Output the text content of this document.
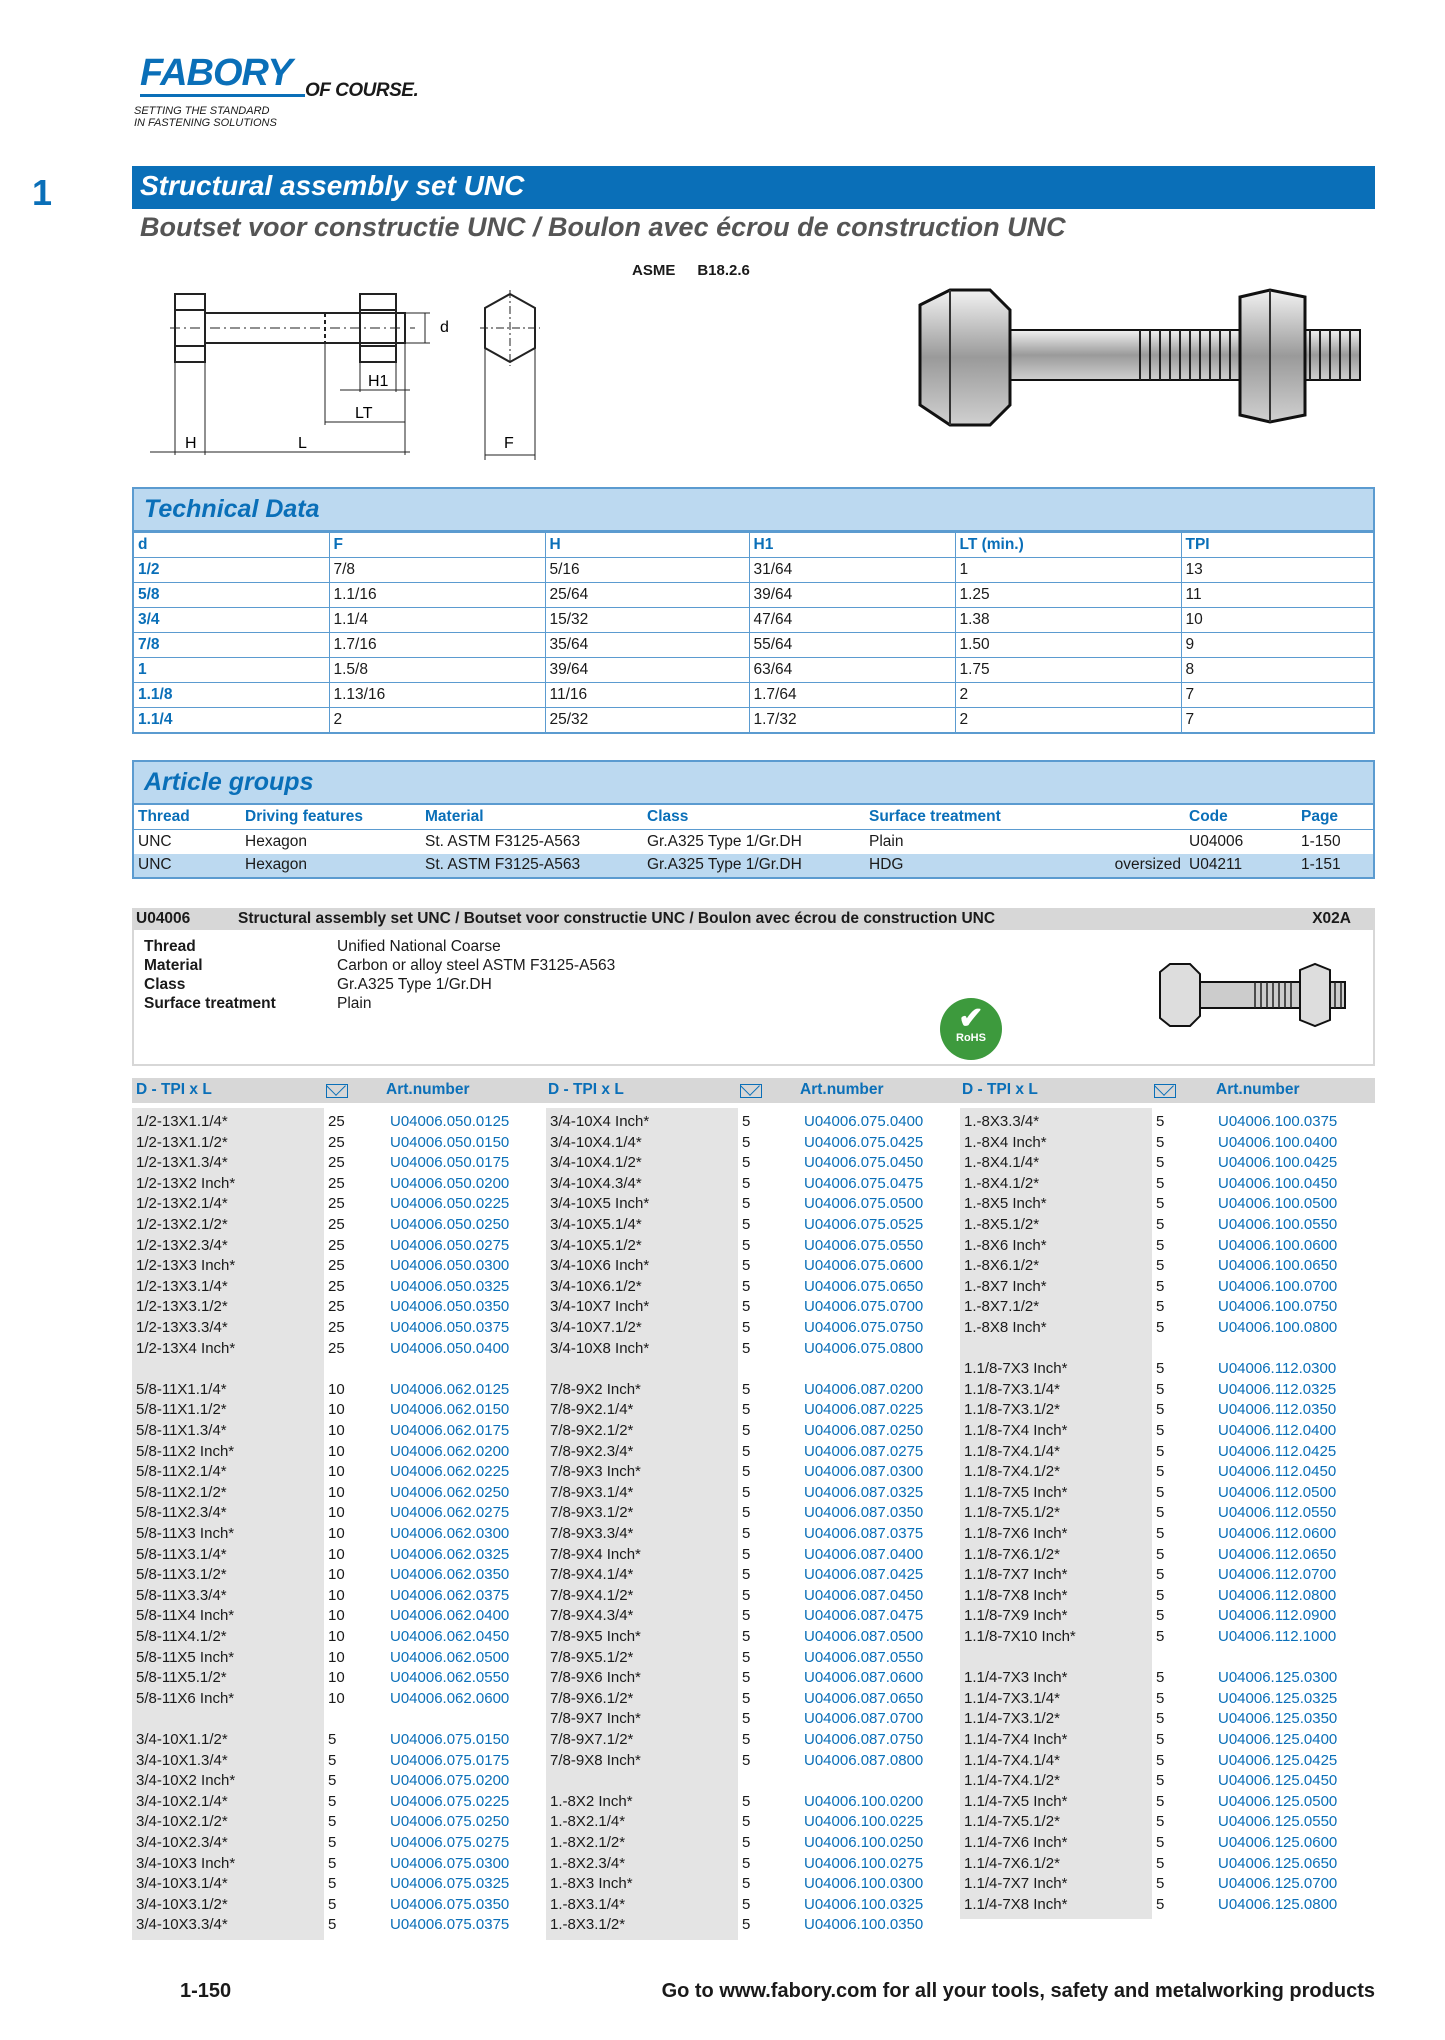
FABORY OF COURSE.
SETTING THE STANDARD
IN FASTENING SOLUTIONS
1	Structural assembly set UNC
Boutset voor constructie UNC / Boulon avec écrou de construction UNC
ASME B18.2.6
H	L
LT
H1
d
F
Technical Data
d	F	H	H1	LT (min.)	TPI
1/2	7/8	5/16	31/64	1	13
5/8	1.1/16	25/64	39/64	1.25	11
3/4	1.1/4	15/32	47/64	1.38	10
7/8	1.7/16	35/64	55/64	1.50	9
1	1.5/8	39/64	63/64	1.75	8
1.1/8	1.13/16	11/16	1.7/64	2	7
1.1/4	2	25/32	1.7/32	2	7
Article groups
Thread	Driving features	Material	Class	Surface treatment		Code	Page
UNC	Hexagon	St. ASTM F3125-A563	Gr.A325 Type 1/Gr.DH	Plain		U04006	1-150
UNC	Hexagon	St. ASTM F3125-A563	Gr.A325 Type 1/Gr.DH	HDG	oversized	U04211	1-151
U04006	Structural assembly set UNC / Boutset voor constructie UNC / Boulon avec écrou de construction UNC	X02A
Thread	Unified National Coarse
Material	Carbon or alloy steel ASTM F3125-A563
Class	Gr.A325 Type 1/Gr.DH
Surface treatment	Plain	✔
RoHS
D - TPI x L	Art.number	D - TPI x L	Art.number	D - TPI x L	Art.number
1/2-13X1.1/4*	25	U04006.050.0125
1/2-13X1.1/2*	25	U04006.050.0150
1/2-13X1.3/4*	25	U04006.050.0175
1/2-13X2 Inch*	25	U04006.050.0200
1/2-13X2.1/4*	25	U04006.050.0225
1/2-13X2.1/2*	25	U04006.050.0250
1/2-13X2.3/4*	25	U04006.050.0275
1/2-13X3 Inch*	25	U04006.050.0300
1/2-13X3.1/4*	25	U04006.050.0325
1/2-13X3.1/2*	25	U04006.050.0350
1/2-13X3.3/4*	25	U04006.050.0375
1/2-13X4 Inch*	25	U04006.050.0400
5/8-11X1.1/4*	10	U04006.062.0125
5/8-11X1.1/2*	10	U04006.062.0150
5/8-11X1.3/4*	10	U04006.062.0175
5/8-11X2 Inch*	10	U04006.062.0200
5/8-11X2.1/4*	10	U04006.062.0225
5/8-11X2.1/2*	10	U04006.062.0250
5/8-11X2.3/4*	10	U04006.062.0275
5/8-11X3 Inch*	10	U04006.062.0300
5/8-11X3.1/4*	10	U04006.062.0325
5/8-11X3.1/2*	10	U04006.062.0350
5/8-11X3.3/4*	10	U04006.062.0375
5/8-11X4 Inch*	10	U04006.062.0400
5/8-11X4.1/2*	10	U04006.062.0450
5/8-11X5 Inch*	10	U04006.062.0500
5/8-11X5.1/2*	10	U04006.062.0550
5/8-11X6 Inch*	10	U04006.062.0600
3/4-10X1.1/2*	5	U04006.075.0150
3/4-10X1.3/4*	5	U04006.075.0175
3/4-10X2 Inch*	5	U04006.075.0200
3/4-10X2.1/4*	5	U04006.075.0225
3/4-10X2.1/2*	5	U04006.075.0250
3/4-10X2.3/4*	5	U04006.075.0275
3/4-10X3 Inch*	5	U04006.075.0300
3/4-10X3.1/4*	5	U04006.075.0325
3/4-10X3.1/2*	5	U04006.075.0350
3/4-10X3.3/4*	5	U04006.075.0375
3/4-10X4 Inch*	5	U04006.075.0400
3/4-10X4.1/4*	5	U04006.075.0425
3/4-10X4.1/2*	5	U04006.075.0450
3/4-10X4.3/4*	5	U04006.075.0475
3/4-10X5 Inch*	5	U04006.075.0500
3/4-10X5.1/4*	5	U04006.075.0525
3/4-10X5.1/2*	5	U04006.075.0550
3/4-10X6 Inch*	5	U04006.075.0600
3/4-10X6.1/2*	5	U04006.075.0650
3/4-10X7 Inch*	5	U04006.075.0700
3/4-10X7.1/2*	5	U04006.075.0750
3/4-10X8 Inch*	5	U04006.075.0800
7/8-9X2 Inch*	5	U04006.087.0200
7/8-9X2.1/4*	5	U04006.087.0225
7/8-9X2.1/2*	5	U04006.087.0250
7/8-9X2.3/4*	5	U04006.087.0275
7/8-9X3 Inch*	5	U04006.087.0300
7/8-9X3.1/4*	5	U04006.087.0325
7/8-9X3.1/2*	5	U04006.087.0350
7/8-9X3.3/4*	5	U04006.087.0375
7/8-9X4 Inch*	5	U04006.087.0400
7/8-9X4.1/4*	5	U04006.087.0425
7/8-9X4.1/2*	5	U04006.087.0450
7/8-9X4.3/4*	5	U04006.087.0475
7/8-9X5 Inch*	5	U04006.087.0500
7/8-9X5.1/2*	5	U04006.087.0550
7/8-9X6 Inch*	5	U04006.087.0600
7/8-9X6.1/2*	5	U04006.087.0650
7/8-9X7 Inch*	5	U04006.087.0700
7/8-9X7.1/2*	5	U04006.087.0750
7/8-9X8 Inch*	5	U04006.087.0800
1.-8X2 Inch*	5	U04006.100.0200
1.-8X2.1/4*	5	U04006.100.0225
1.-8X2.1/2*	5	U04006.100.0250
1.-8X2.3/4*	5	U04006.100.0275
1.-8X3 Inch*	5	U04006.100.0300
1.-8X3.1/4*	5	U04006.100.0325
1.-8X3.1/2*	5	U04006.100.0350
1.-8X3.3/4*	5	U04006.100.0375
1.-8X4 Inch*	5	U04006.100.0400
1.-8X4.1/4*	5	U04006.100.0425
1.-8X4.1/2*	5	U04006.100.0450
1.-8X5 Inch*	5	U04006.100.0500
1.-8X5.1/2*	5	U04006.100.0550
1.-8X6 Inch*	5	U04006.100.0600
1.-8X6.1/2*	5	U04006.100.0650
1.-8X7 Inch*	5	U04006.100.0700
1.-8X7.1/2*	5	U04006.100.0750
1.-8X8 Inch*	5	U04006.100.0800
1.1/8-7X3 Inch*	5	U04006.112.0300
1.1/8-7X3.1/4*	5	U04006.112.0325
1.1/8-7X3.1/2*	5	U04006.112.0350
1.1/8-7X4 Inch*	5	U04006.112.0400
1.1/8-7X4.1/4*	5	U04006.112.0425
1.1/8-7X4.1/2*	5	U04006.112.0450
1.1/8-7X5 Inch*	5	U04006.112.0500
1.1/8-7X5.1/2*	5	U04006.112.0550
1.1/8-7X6 Inch*	5	U04006.112.0600
1.1/8-7X6.1/2*	5	U04006.112.0650
1.1/8-7X7 Inch*	5	U04006.112.0700
1.1/8-7X8 Inch*	5	U04006.112.0800
1.1/8-7X9 Inch*	5	U04006.112.0900
1.1/8-7X10 Inch*	5	U04006.112.1000
1.1/4-7X3 Inch*	5	U04006.125.0300
1.1/4-7X3.1/4*	5	U04006.125.0325
1.1/4-7X3.1/2*	5	U04006.125.0350
1.1/4-7X4 Inch*	5	U04006.125.0400
1.1/4-7X4.1/4*	5	U04006.125.0425
1.1/4-7X4.1/2*	5	U04006.125.0450
1.1/4-7X5 Inch*	5	U04006.125.0500
1.1/4-7X5.1/2*	5	U04006.125.0550
1.1/4-7X6 Inch*	5	U04006.125.0600
1.1/4-7X6.1/2*	5	U04006.125.0650
1.1/4-7X7 Inch*	5	U04006.125.0700
1.1/4-7X8 Inch*	5	U04006.125.0800
1-150	Go to www.fabory.com for all your tools, safety and metalworking products
